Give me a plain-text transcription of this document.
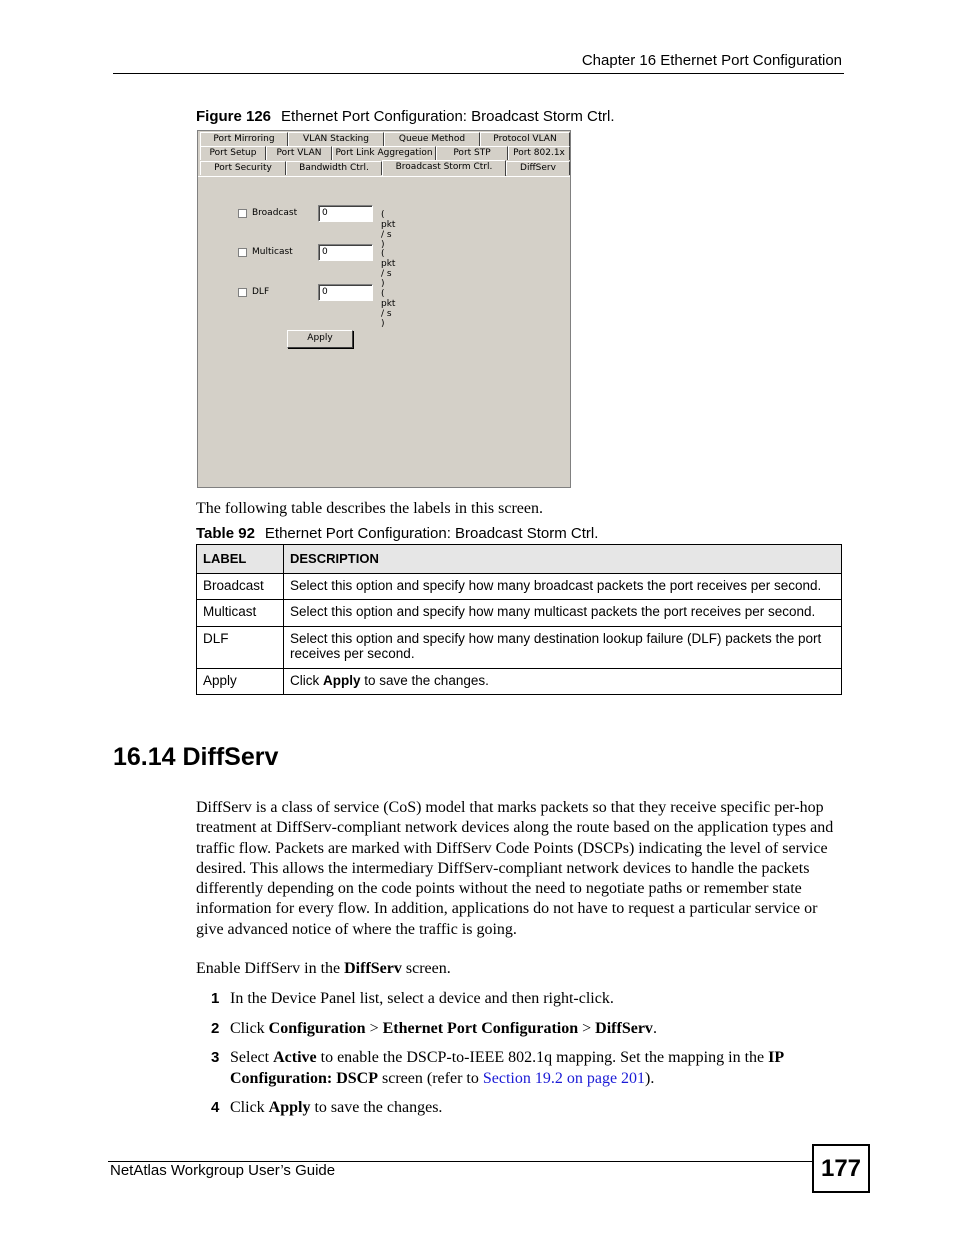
Chapter 16 Ethernet Port Configuration
Figure 126 Ethernet Port Configuration: Broadcast Storm Ctrl.
Port Mirroring	VLAN Stacking	Queue Method	Protocol VLAN
Port Setup	Port VLAN	Port Link Aggregation	Port STP	Port 802.1x
Port Security	Bandwidth Ctrl.	Broadcast Storm Ctrl.	DiffServ
Broadcast	0	( pkt / s )
Multicast	0	( pkt / s )
DLF	0	( pkt / s )
Apply
The following table describes the labels in this screen.
Table 92 Ethernet Port Configuration: Broadcast Storm Ctrl.
LABEL	DESCRIPTION
Broadcast	Select this option and specify how many broadcast packets the port receives per second.
Multicast	Select this option and specify how many multicast packets the port receives per second.
DLF	Select this option and specify how many destination lookup failure (DLF) packets the port receives per second.
Apply	Click Apply to save the changes.
16.14 DiffServ
DiffServ is a class of service (CoS) model that marks packets so that they receive specific per-hop treatment at DiffServ-compliant network devices along the route based on the application types and traffic flow. Packets are marked with DiffServ Code Points (DSCPs) indicating the level of service desired. This allows the intermediary DiffServ-compliant network devices to handle the packets differently depending on the code points without the need to negotiate paths or remember state information for every flow. In addition, applications do not have to request a particular service or give advanced notice of where the traffic is going.
Enable DiffServ in the DiffServ screen.
1 In the Device Panel list, select a device and then right-click.
2 Click Configuration > Ethernet Port Configuration > DiffServ.
3 Select Active to enable the DSCP-to-IEEE 802.1q mapping. Set the mapping in the IP Configuration: DSCP screen (refer to Section 19.2 on page 201).
4 Click Apply to save the changes.
NetAtlas Workgroup User’s Guide	177
